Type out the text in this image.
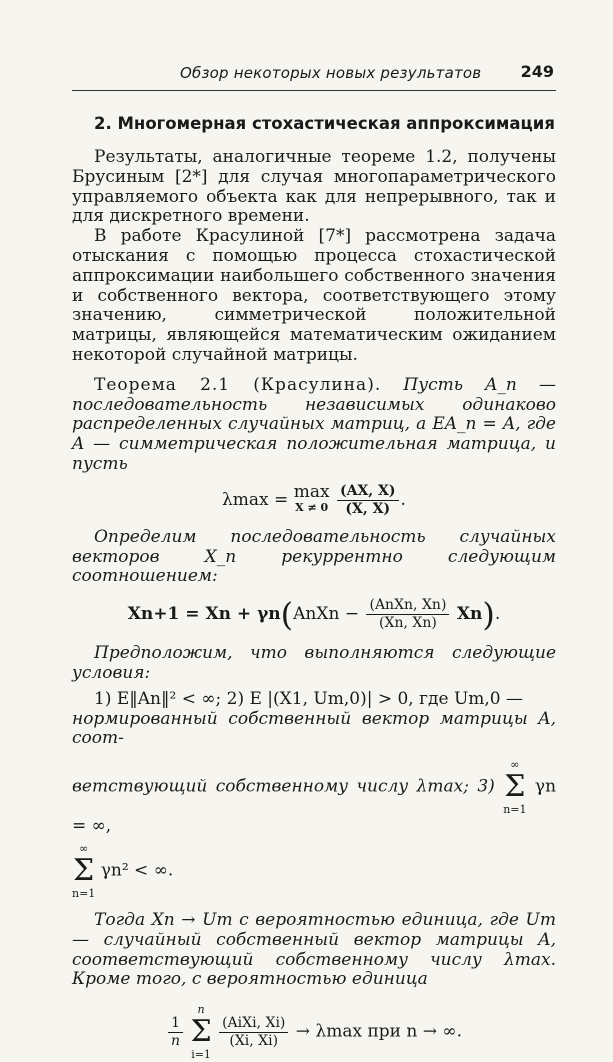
Обзор некоторых новых результатов 249
2. Многомерная стохастическая аппроксимация

Результаты, аналогичные теореме 1.2, получены Брусиным [2*] для случая многопараметрического управляемого объекта как для непрерывного, так и для дискретного времени.

В работе Красулиной [7*] рассмотрена задача отыскания с помощью процесса стохастической аппроксимации наибольшего собственного значения и собственного вектора, соответствующего этому значению, симметрической положительной матрицы, являющейся математическим ожиданием некоторой случайной матрицы.

Теорема 2.1 (Красулина). Пусть A_n — последовательность независимых одинаково распределенных случайных матриц, а EA_n = A, где A — симметрическая положительная матрица, и пусть

λmax = max
X ≠ 0
$\frac{(AX, X)}{(X, X)}$ .

Определим последовательность случайных векторов X_n рекуррентно следующим соотношением:

Xn+1 = Xn + γn(AnXn − $\frac{\text{(AnXn, Xn)}}{(Xn, Xn)} Xn$).

Предположим, что выполняются следующие условия:

1) E‖An‖² < ∞; 2) E |(X1, Um,0)| > 0, где Um,0 —

нормированный собственный вектор матрицы A, соот-

ветствующий собственному числу λmax; 3)
∞
Σ
n=1
γn = ∞,

∞
Σ
n=1
γn² < ∞.

Тогда Xn → Um с вероятностью единица, где Um — случайный собственный вектор матрицы A, соответствующий собственному числу λmax. Кроме того, с вероятностью единица

$\frac{1}{n}$

n
Σ
i=1

$\frac{\text{(AiXi, Xi)}}{(Xi, Xi)} \to \lambda\max$ при n → ∞.
